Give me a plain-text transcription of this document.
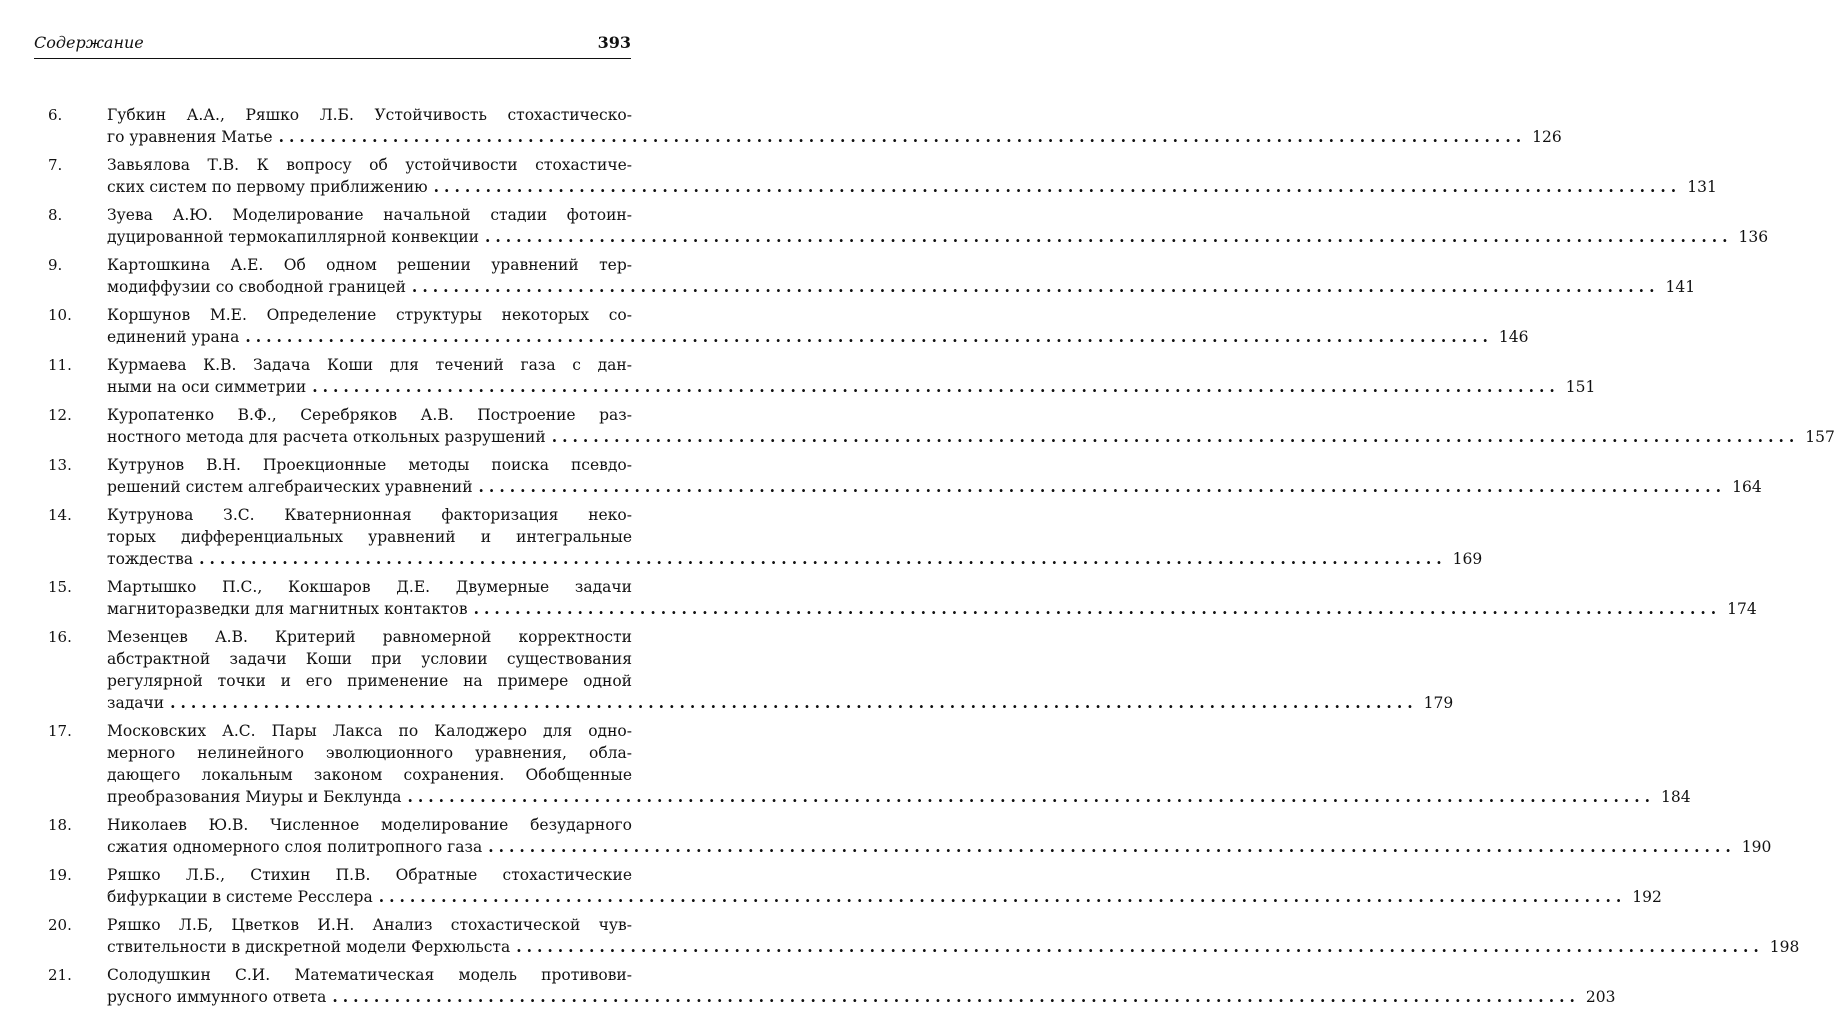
Содержание	393
6.	Губкин А.А., Ряшко Л.Б. Устойчивость стохастическо-
го уравнения Матье ........................................................................................................................ 126
7.	Завьялова Т.В. К вопросу об устойчивости стохастиче-
ских систем по первому приближению ........................................................................................................................ 131
8.	Зуева А.Ю. Моделирование начальной стадии фотоин-
дуцированной термокапиллярной конвекции ........................................................................................................................ 136
9.	Картошкина А.Е. Об одном решении уравнений тер-
модиффузии со свободной границей ........................................................................................................................ 141
10. Коршунов М.Е. Определение структуры некоторых со-
единений урана ........................................................................................................................ 146
11. Курмаева К.В. Задача Коши для течений газа с дан-
ными на оси симметрии ........................................................................................................................ 151
12. Куропатенко В.Ф., Серебряков А.В. Построение раз-
ностного метода для расчета откольных разрушений ........................................................................................................................ 157
13. Кутрунов В.Н. Проекционные методы поиска псевдо-
решений систем алгебраических уравнений ........................................................................................................................ 164
14. Кутрунова З.С. Кватернионная факторизация неко-
торых дифференциальных уравнений и интегральные
тождества ........................................................................................................................ 169
15. Мартышко П.С., Кокшаров Д.Е. Двумерные задачи
магниторазведки для магнитных контактов ........................................................................................................................ 174
16. Мезенцев А.В. Критерий равномерной корректности
абстрактной задачи Коши при условии существования
регулярной точки и его применение на примере одной
задачи ........................................................................................................................ 179
17. Московских А.С. Пары Лакса по Калоджеро для одно-
мерного нелинейного эволюционного уравнения, обла-
дающего локальным законом сохранения. Обобщенные
преобразования Миуры и Беклунда ........................................................................................................................ 184
18. Николаев Ю.В. Численное моделирование безударного
сжатия одномерного слоя политропного газа ........................................................................................................................ 190
19. Ряшко Л.Б., Стихин П.В. Обратные стохастические
бифуркации в системе Ресслера ........................................................................................................................ 192
20. Ряшко Л.Б, Цветков И.Н. Анализ стохастической чув-
ствительности в дискретной модели Ферхюльста ........................................................................................................................ 198
21. Солодушкин С.И. Математическая модель противови-
русного иммунного ответа ........................................................................................................................ 203
